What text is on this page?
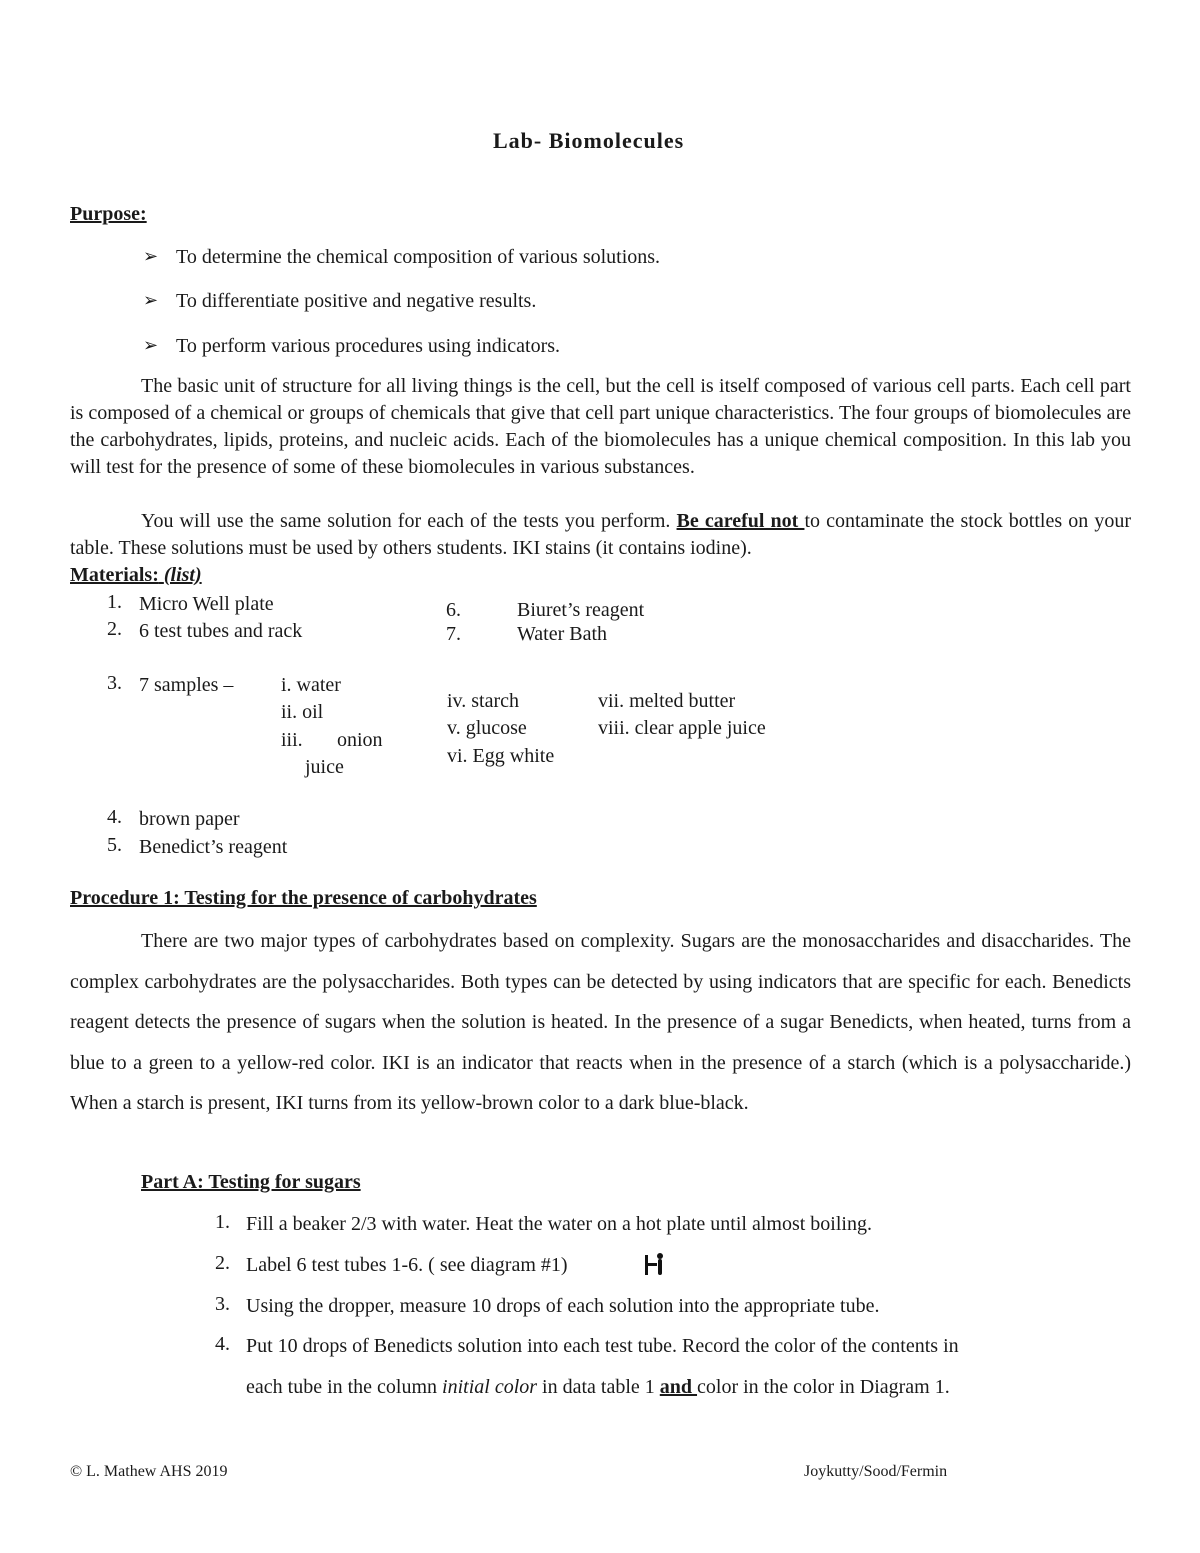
Lab- Biomolecules
Purpose:
➢ To determine the chemical composition of various solutions.
➢ To differentiate positive and negative results.
➢ To perform various procedures using indicators.
The basic unit of structure for all living things is the cell, but the cell is itself composed of various cell parts. Each cell part is composed of a chemical or groups of chemicals that give that cell part unique characteristics. The four groups of biomolecules are the carbohydrates, lipids, proteins, and nucleic acids. Each of the biomolecules has a unique chemical composition. In this lab you will test for the presence of some of these biomolecules in various substances.
You will use the same solution for each of the tests you perform. Be careful not to contaminate the stock bottles on your table. These solutions must be used by others students. IKI stains (it contains iodine).
Materials: (list)
1. Micro Well plate
2. 6 test tubes and rack
6.	Biuret’s reagent
7.	Water Bath
3. 7 samples – i. water
ii. oil
iii. onion
juice
iv. starch
v. glucose
vi. Egg white
vii. melted butter
viii. clear apple juice
4. brown paper
5. Benedict’s reagent
Procedure 1: Testing for the presence of carbohydrates
There are two major types of carbohydrates based on complexity. Sugars are the monosaccharides and disaccharides. The complex carbohydrates are the polysaccharides. Both types can be detected by using indicators that are specific for each. Benedicts reagent detects the presence of sugars when the solution is heated. In the presence of a sugar Benedicts, when heated, turns from a blue to a green to a yellow-red color. IKI is an indicator that reacts when in the presence of a starch (which is a polysaccharide.) When a starch is present, IKI turns from its yellow-brown color to a dark blue-black.
Part A: Testing for sugars
1. Fill a beaker 2/3 with water. Heat the water on a hot plate until almost boiling.
2. Label 6 test tubes 1-6. ( see diagram #1)
3. Using the dropper, measure 10 drops of each solution into the appropriate tube.
4. Put 10 drops of Benedicts solution into each test tube. Record the color of the contents in
each tube in the column initial color in data table 1 and color in the color in Diagram 1.
© L. Mathew AHS 2019	Joykutty/Sood/Fermin
